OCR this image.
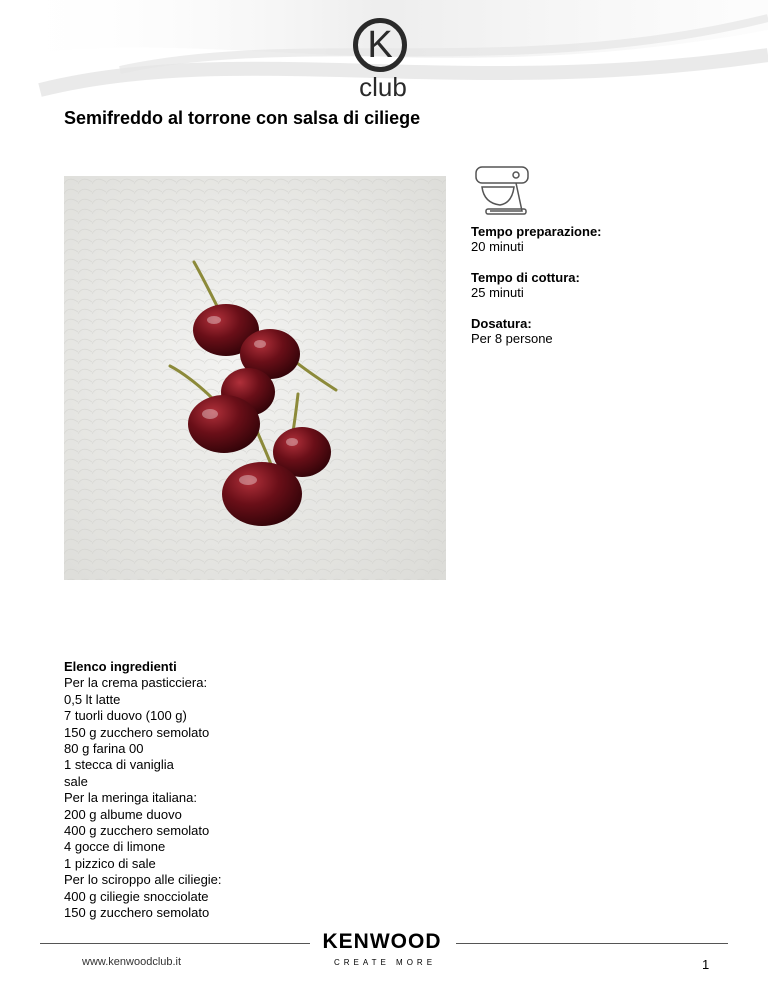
K
club
Semifreddo al torrone con salsa di ciliege
Tempo preparazione:
20 minuti
Tempo di cottura:
25 minuti
Dosatura:
Per 8 persone
Elenco ingredienti
Per la crema pasticciera:
0,5 lt latte
7 tuorli duovo (100 g)
150 g zucchero semolato
80 g farina 00
1 stecca di vaniglia
sale
Per la meringa italiana:
200 g albume duovo
400 g zucchero semolato
4 gocce di limone
1 pizzico di sale
Per lo sciroppo alle ciliegie:
400 g ciliegie snocciolate
150 g zucchero semolato
KENWOOD
CREATE MORE
www.kenwoodclub.it	1
